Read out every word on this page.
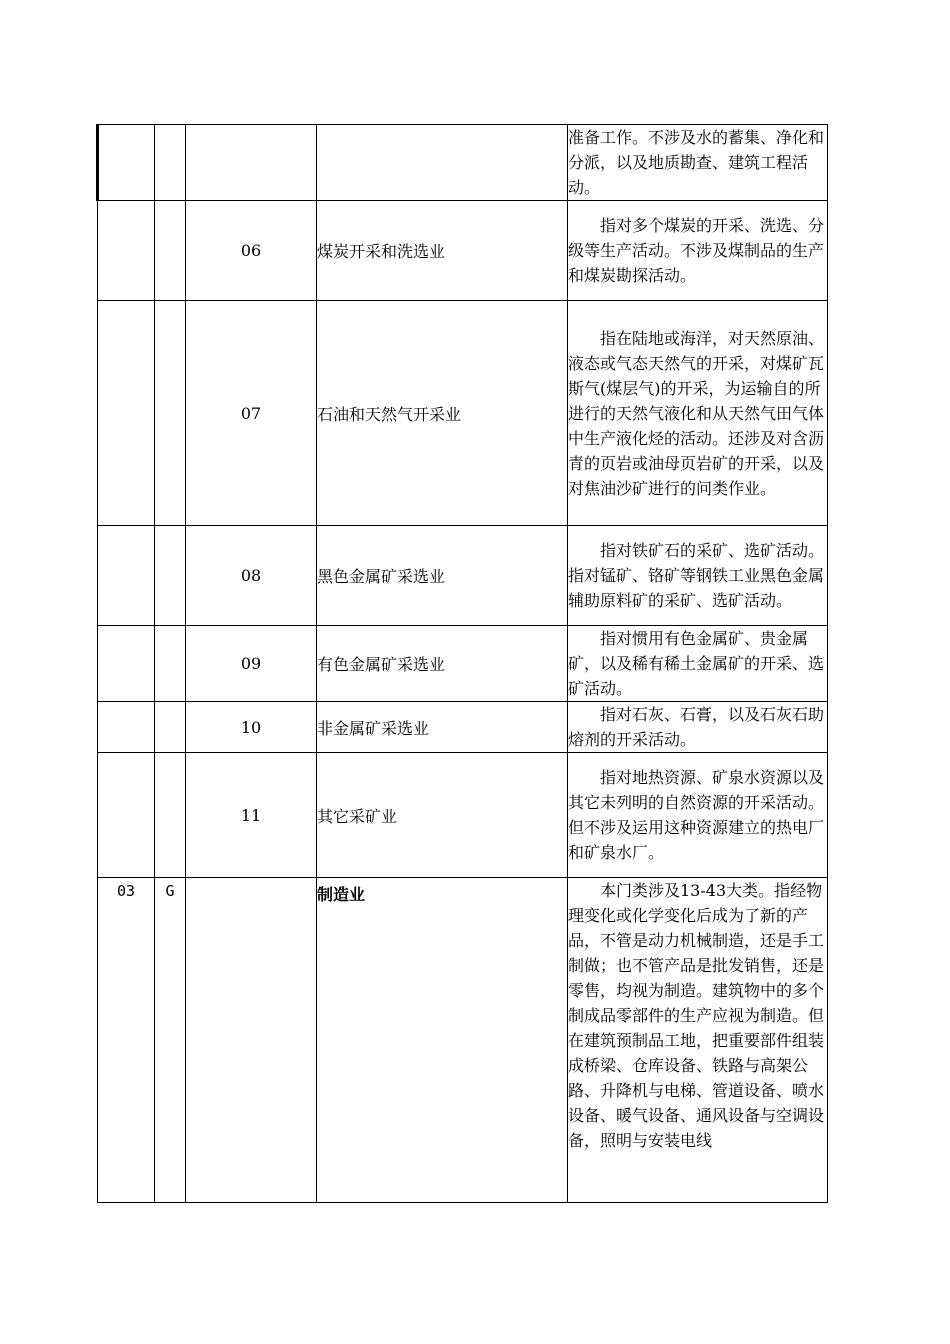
				准备工作。不涉及水的蓄集、净化和分派，以及地质勘查、建筑工程活动。
		06	煤炭开采和洗选业	指对多个煤炭的开采、洗选、分级等生产活动。不涉及煤制品的生产和煤炭勘探活动。
		07	石油和天然气开采业	指在陆地或海洋，对天然原油、液态或气态天然气的开采，对煤矿瓦斯气(煤层气)的开采，为运输自的所进行的天然气液化和从天然气田气体中生产液化烃的活动。还涉及对含沥青的页岩或油母页岩矿的开采，以及对焦油沙矿进行的问类作业。
		08	黑色金属矿采选业	指对铁矿石的采矿、选矿活动。指对锰矿、铬矿等钢铁工业黑色金属辅助原料矿的采矿、选矿活动。
		09	有色金属矿采选业	指对惯用有色金属矿、贵金属矿，以及稀有稀土金属矿的开采、选矿活动。
		10	非金属矿采选业	指对石灰、石膏，以及石灰石助熔剂的开采活动。
		11	其它采矿业	指对地热资源、矿泉水资源以及其它未列明的自然资源的开采活动。但不涉及运用这种资源建立的热电厂和矿泉水厂。
03	G		制造业	本门类涉及13-43大类。指经物理变化或化学变化后成为了新的产品，不管是动力机械制造，还是手工制做；也不管产品是批发销售，还是零售，均视为制造。建筑物中的多个制成品零部件的生产应视为制造。但在建筑预制品工地，把重要部件组装成桥梁、仓库设备、铁路与高架公路、升降机与电梯、管道设备、喷水设备、暖气设备、通风设备与空调设备，照明与安装电线
